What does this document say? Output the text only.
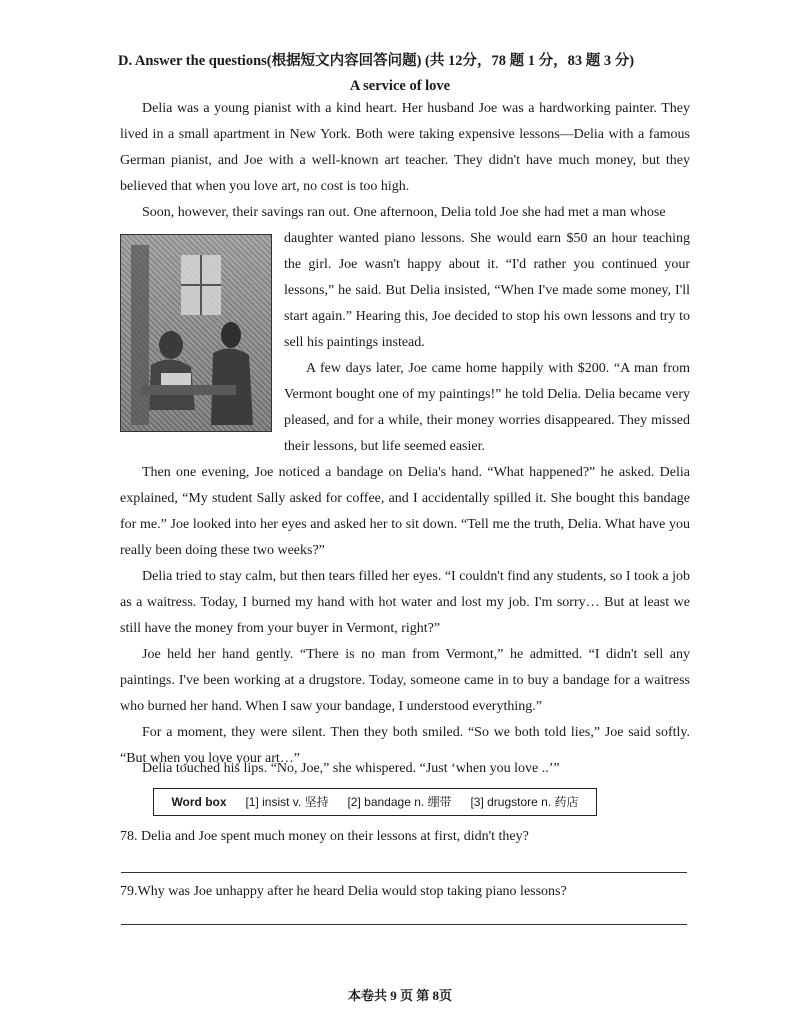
D. Answer the questions(根据短文内容回答问题) (共 12分，78 题 1 分，83 题 3 分)
A service of love
Delia was a young pianist with a kind heart. Her husband Joe was a hardworking painter. They lived in a small apartment in New York. Both were taking expensive lessons—Delia with a famous German pianist, and Joe with a well-known art teacher. They didn't have much money, but they believed that when you love art, no cost is too high.
Soon, however, their savings ran out. One afternoon, Delia told Joe she had met a man whose
daughter wanted piano lessons. She would earn $50 an hour teaching the girl. Joe wasn't happy about it. “I'd rather you continued your lessons,” he said. But Delia insisted, “When I've made some money, I'll start again.” Hearing this, Joe decided to stop his own lessons and try to sell his paintings instead.
A few days later, Joe came home happily with $200. “A man from Vermont bought one of my paintings!” he told Delia. Delia became very pleased, and for a while, their money worries disappeared. They missed their lessons, but life seemed easier.
Then one evening, Joe noticed a bandage on Delia's hand. “What happened?” he asked. Delia explained, “My student Sally asked for coffee, and I accidentally spilled it. She bought this bandage for me.” Joe looked into her eyes and asked her to sit down. “Tell me the truth, Delia. What have you really been doing these two weeks?”
Delia tried to stay calm, but then tears filled her eyes. “I couldn't find any students, so I took a job as a waitress. Today, I burned my hand with hot water and lost my job. I'm sorry… But at least we still have the money from your buyer in Vermont, right?”
Joe held her hand gently. “There is no man from Vermont,” he admitted. “I didn't sell any paintings. I've been working at a drugstore. Today, someone came in to buy a bandage for a waitress who burned her hand. When I saw your bandage, I understood everything.”
For a moment, they were silent. Then they both smiled. “So we both told lies,” Joe said softly. “But when you love your art…”
Delia touched his lips. “No, Joe,” she whispered. “Just ‘when you love ..’”
Word box [1] insist v. 坚持 [2] bandage n. 绷带 [3] drugstore n. 药店
78. Delia and Joe spent much money on their lessons at first, didn't they?
79.Why was Joe unhappy after he heard Delia would stop taking piano lessons?
本卷共 9 页 第 8页
